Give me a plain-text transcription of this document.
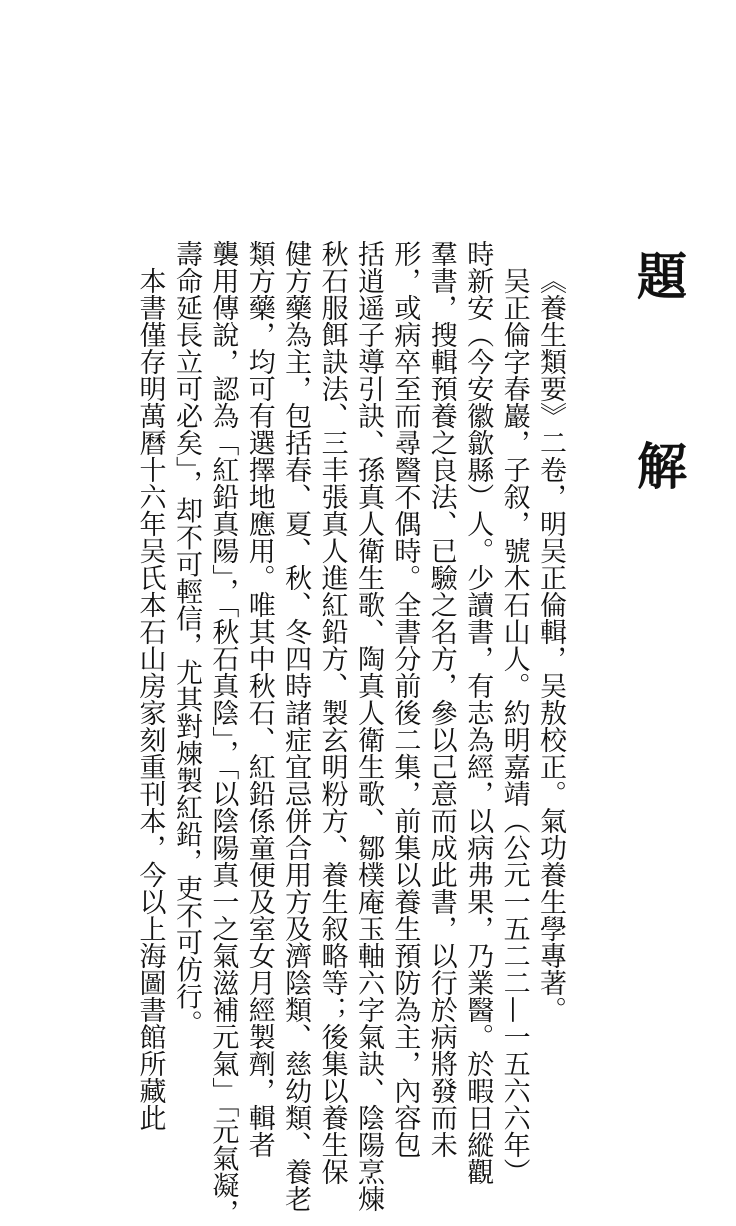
題　解
《養生類要》二卷，明吴正倫輯，吴敖校正。氣功養生學專著。
吴正倫字春巖，子叙，號木石山人。約明嘉靖（公元一五二二—一五六六年）
時新安（今安徽歙縣）人。少讀書，有志為經，以病弗果，乃業醫。於暇日縱觀
羣書，搜輯預養之良法、已驗之名方，參以己意而成此書，以行於病將發而未
形，或病卒至而尋醫不偶時。全書分前後二集，前集以養生預防為主，內容包
括逍遥子導引訣、孫真人衛生歌、陶真人衛生歌、鄒樸庵玉軸六字氣訣、陰陽烹煉
秋石服餌訣法、三丰張真人進紅鉛方、製玄明粉方、養生叙略等；後集以養生保
健方藥為主，包括春、夏、秋、冬四時諸症宜忌併合用方及濟陰類、慈幼類、養老
類方藥，均可有選擇地應用。唯其中秋石、紅鉛係童便及室女月經製劑，輯者
襲用傳說，認為「紅鉛真陽」，「秋石真陰」，「以陰陽真一之氣滋補元氣」「元氣凝，
壽命延長立可必矣」，却不可輕信，尤其對煉製紅鉛，吏不可仿行。
本書僅存明萬曆十六年吴氏本石山房家刻重刊本，今以上海圖書館所藏此
